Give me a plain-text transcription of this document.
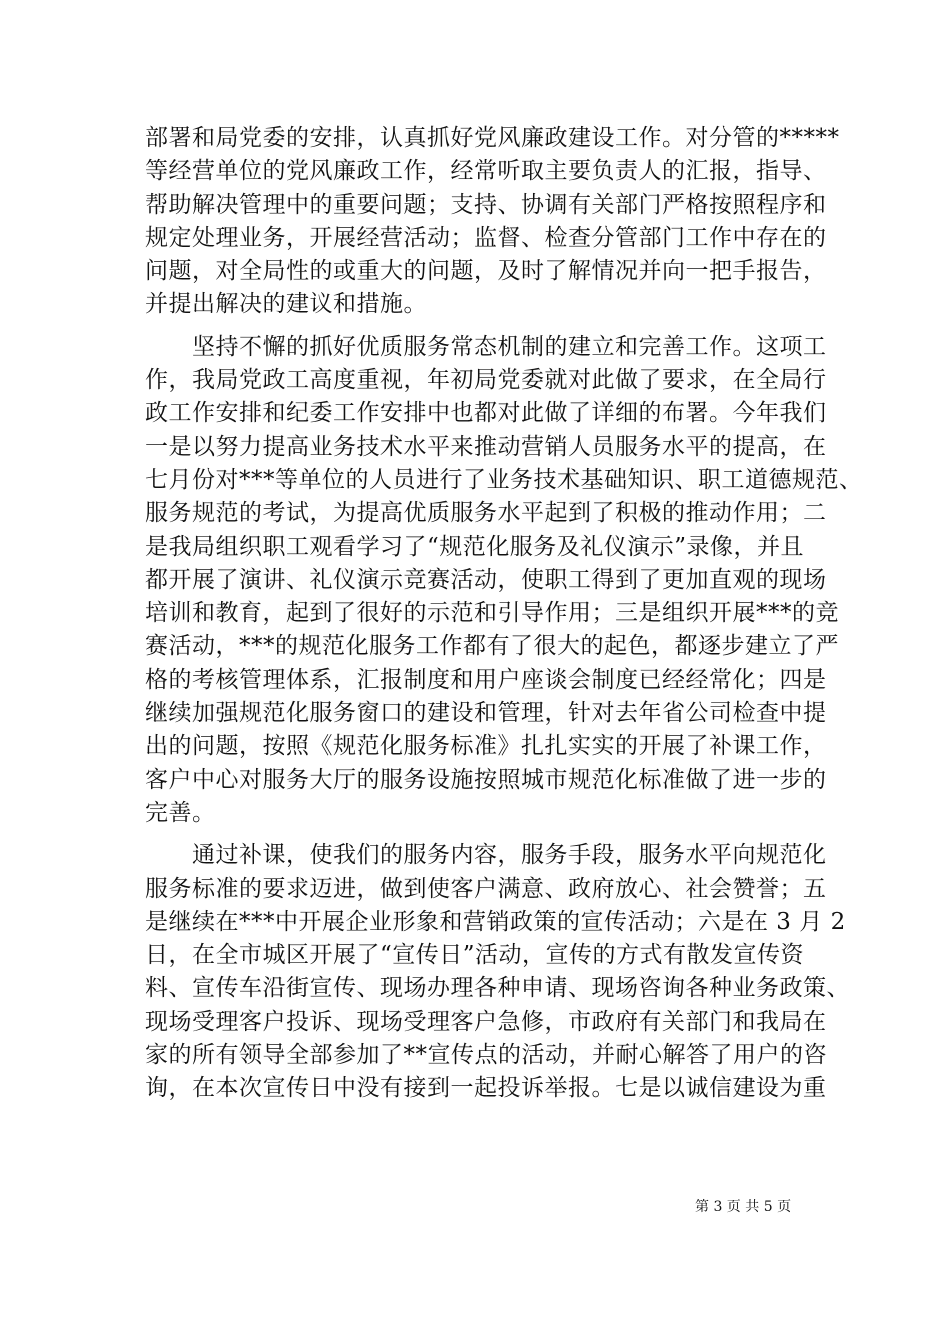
部署和局党委的安排，认真抓好党风廉政建设工作。对分管的*****
等经营单位的党风廉政工作，经常听取主要负责人的汇报，指导、
帮助解决管理中的重要问题；支持、协调有关部门严格按照程序和
规定处理业务，开展经营活动；监督、检查分管部门工作中存在的
问题，对全局性的或重大的问题，及时了解情况并向一把手报告，
并提出解决的建议和措施。
　　坚持不懈的抓好优质服务常态机制的建立和完善工作。这项工
作，我局党政工高度重视，年初局党委就对此做了要求，在全局行
政工作安排和纪委工作安排中也都对此做了详细的布署。今年我们
一是以努力提高业务技术水平来推动营销人员服务水平的提高，在
七月份对***等单位的人员进行了业务技术基础知识、职工道德规范、
服务规范的考试，为提高优质服务水平起到了积极的推动作用；二
是我局组织职工观看学习了“规范化服务及礼仪演示”录像，并且
都开展了演讲、礼仪演示竞赛活动，使职工得到了更加直观的现场
培训和教育，起到了很好的示范和引导作用；三是组织开展***的竞
赛活动，***的规范化服务工作都有了很大的起色，都逐步建立了严
格的考核管理体系，汇报制度和用户座谈会制度已经经常化；四是
继续加强规范化服务窗口的建设和管理，针对去年省公司检查中提
出的问题，按照《规范化服务标准》扎扎实实的开展了补课工作，
客户中心对服务大厅的服务设施按照城市规范化标准做了进一步的
完善。
　　通过补课，使我们的服务内容，服务手段，服务水平向规范化
服务标准的要求迈进，做到使客户满意、政府放心、社会赞誉；五
是继续在***中开展企业形象和营销政策的宣传活动；六是在 3 月 2
日，在全市城区开展了“宣传日”活动，宣传的方式有散发宣传资
料、宣传车沿街宣传、现场办理各种申请、现场咨询各种业务政策、
现场受理客户投诉、现场受理客户急修，市政府有关部门和我局在
家的所有领导全部参加了**宣传点的活动，并耐心解答了用户的咨
询，在本次宣传日中没有接到一起投诉举报。七是以诚信建设为重
第 3 页 共 5 页
